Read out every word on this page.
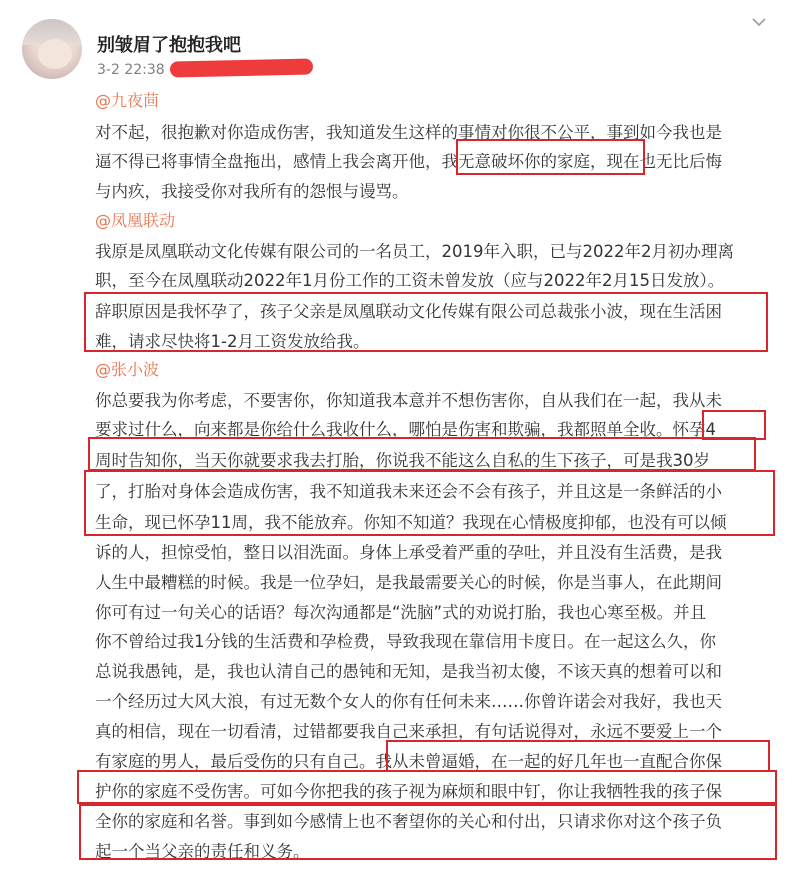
别皱眉了抱抱我吧
3-2 22:38
@九夜茴
对不起，很抱歉对你造成伤害，我知道发生这样的事情对你很不公平，事到如今我也是
逼不得已将事情全盘拖出，感情上我会离开他，我无意破坏你的家庭，现在也无比后悔
与内疚，我接受你对我所有的怨恨与谩骂。
@凤凰联动
我原是凤凰联动文化传媒有限公司的一名员工，2019年入职，已与2022年2月初办理离
职，至今在凤凰联动2022年1月份工作的工资未曾发放（应与2022年2月15日发放）。
辞职原因是我怀孕了，孩子父亲是凤凰联动文化传媒有限公司总裁张小波，现在生活困
难，请求尽快将1-2月工资发放给我。
@张小波
你总要我为你考虑，不要害你，你知道我本意并不想伤害你，自从我们在一起，我从未
要求过什么，向来都是你给什么我收什么，哪怕是伤害和欺骗，我都照单全收。怀孕4
周时告知你，当天你就要求我去打胎，你说我不能这么自私的生下孩子，可是我30岁
了，打胎对身体会造成伤害，我不知道我未来还会不会有孩子，并且这是一条鲜活的小
生命，现已怀孕11周，我不能放弃。你知不知道？我现在心情极度抑郁，也没有可以倾
诉的人，担惊受怕，整日以泪洗面。身体上承受着严重的孕吐，并且没有生活费，是我
人生中最糟糕的时候。我是一位孕妇，是我最需要关心的时候，你是当事人，在此期间
你可有过一句关心的话语？每次沟通都是“洗脑”式的劝说打胎，我也心寒至极。并且
你不曾给过我1分钱的生活费和孕检费，导致我现在靠信用卡度日。在一起这么久，你
总说我愚钝，是，我也认清自己的愚钝和无知，是我当初太傻，不该天真的想着可以和
一个经历过大风大浪，有过无数个女人的你有任何未来……你曾许诺会对我好，我也天
真的相信，现在一切看清，过错都要我自己来承担，有句话说得对，永远不要爱上一个
有家庭的男人，最后受伤的只有自己。我从未曾逼婚，在一起的好几年也一直配合你保
护你的家庭不受伤害。可如今你把我的孩子视为麻烦和眼中钉，你让我牺牲我的孩子保
全你的家庭和名誉。事到如今感情上也不奢望你的关心和付出，只请求你对这个孩子负
起一个当父亲的责任和义务。
